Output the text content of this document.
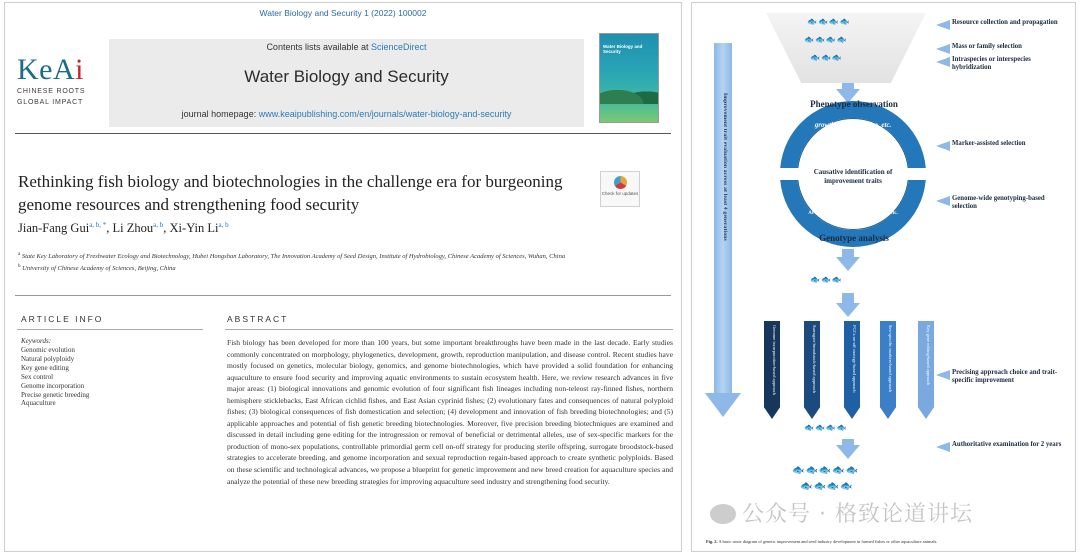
Water Biology and Security 1 (2022) 100002
KeAi
CHINESE ROOTS
GLOBAL IMPACT
Contents lists available at ScienceDirect
Water Biology and Security
journal homepage: www.keaipublishing.com/en/journals/water-biology-and-security
Water Biology and Security
Rethinking fish biology and biotechnologies in the challenge era for burgeoning genome resources and strengthening food security
Check for updates
Jian-Fang Gui$^{a, b, *}$, Li Zhou$^{a, b}$, Xi-Yin Li$^{a, b}$
$^a$ State Key Laboratory of Freshwater Ecology and Biotechnology, Hubei Hongshan Laboratory, The Innovation Academy of Seed Design, Institute of Hydrobiology, Chinese Academy of Sciences, Wuhan, China
$^b$ University of Chinese Academy of Sciences, Beijing, China
ARTICLE INFO	ABSTRACT
Keywords:
Genomic evolution
Natural polyploidy
Key gene editing
Sex control
Genome incorporation
Precise genetic breeding
Aquaculture
Fish biology has been developed for more than 100 years, but some important breakthroughs have been made in the last decade. Early studies commonly concentrated on morphology, phylogenetics, development, growth, reproduction manipulation, and disease control. Recent studies have mostly focused on genetics, molecular biology, genomics, and genome biotechnologies, which have provided a solid foundation for enhancing aquaculture to ensure food security and improving aquatic environments to sustain ecosystem health. Here, we review research advances in five major areas: (1) biological innovations and genomic evolution of four significant fish lineages including non-teleost ray-finned fishes, northern hemisphere sticklebacks, East African cichlid fishes, and East Asian cyprinid fishes; (2) evolutionary fates and consequences of natural polyploid fishes; (3) biological consequences of fish domestication and selection; (4) development and innovation of fish breeding biotechnologies; and (5) applicable approaches and potential of fish genetic breeding biotechnologies. Moreover, five precision breeding biotechniques are examined and discussed in detail including gene editing for the introgression or removal of beneficial or detrimental alleles, use of sex-specific markers for the production of mono-sex populations, controllable primordial germ cell on-off strategy for producing sterile offspring, surrogate broodstock-based strategies to accelerate breeding, and genome incorporation and sexual reproduction regain-based approach to create synthetic polyploids. Based on these scientific and technological advances, we propose a blueprint for genetic improvement and new breed creation for aquaculture species and analyze the potential of these new breeding strategies for improving aquaculture seed industry and strengthening food security.
Improvement trait evaluation across at least 4 generations
🐟🐟🐟🐟
🐟🐟🐟🐟
🐟🐟🐟
Phenotype observation
growth, color, sex size, etc.
Causative identification of improvement traits
AFLP, microsatellites, QTLs, genome, etc.
Genotype analysis
🐟🐟🐟
Genome incorporation-based approach	Surrogate broodstock-based approach	PGCs on-off strategy-based approach	Sex-specific markers-based approach	Key gene editing-based approach
🐟🐟🐟🐟
🐟🐟🐟🐟🐟
🐟🐟🐟🐟
Resource collection and propagation
Mass or family selection
Intraspecies or interspecies hybridization
Marker-assisted selection
Genome-wide genotyping-based selection
Precising approach choice and trait-specific improvement
Authoritative examination for 2 years
公众号 · 格致论道讲坛
Fig. 2. A basic route diagram of genetic improvement and seed industry development in farmed fishes or other aquaculture animals.
